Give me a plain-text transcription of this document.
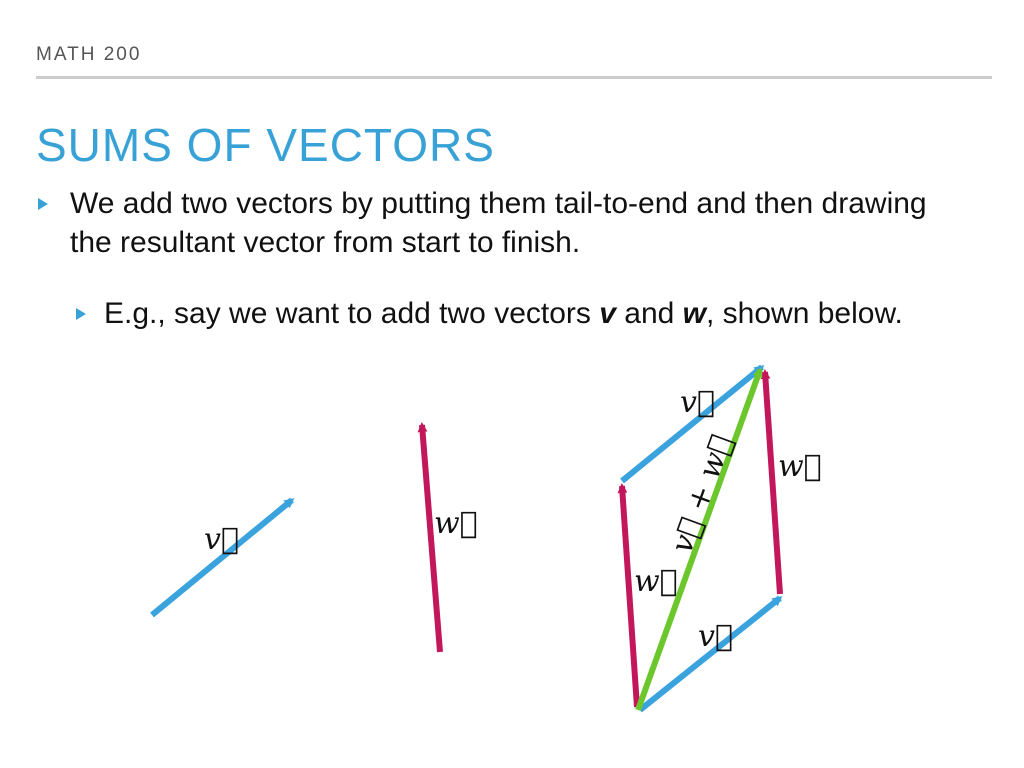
MATH 200
SUMS OF VECTORS
We add two vectors by putting them tail-to-end and then drawing the resultant vector from start to finish.
E.g., say we want to add two vectors v and w, shown below.
v⃗	w⃗
w⃗
v⃗
v⃗
w⃗
v⃗ + w⃗
